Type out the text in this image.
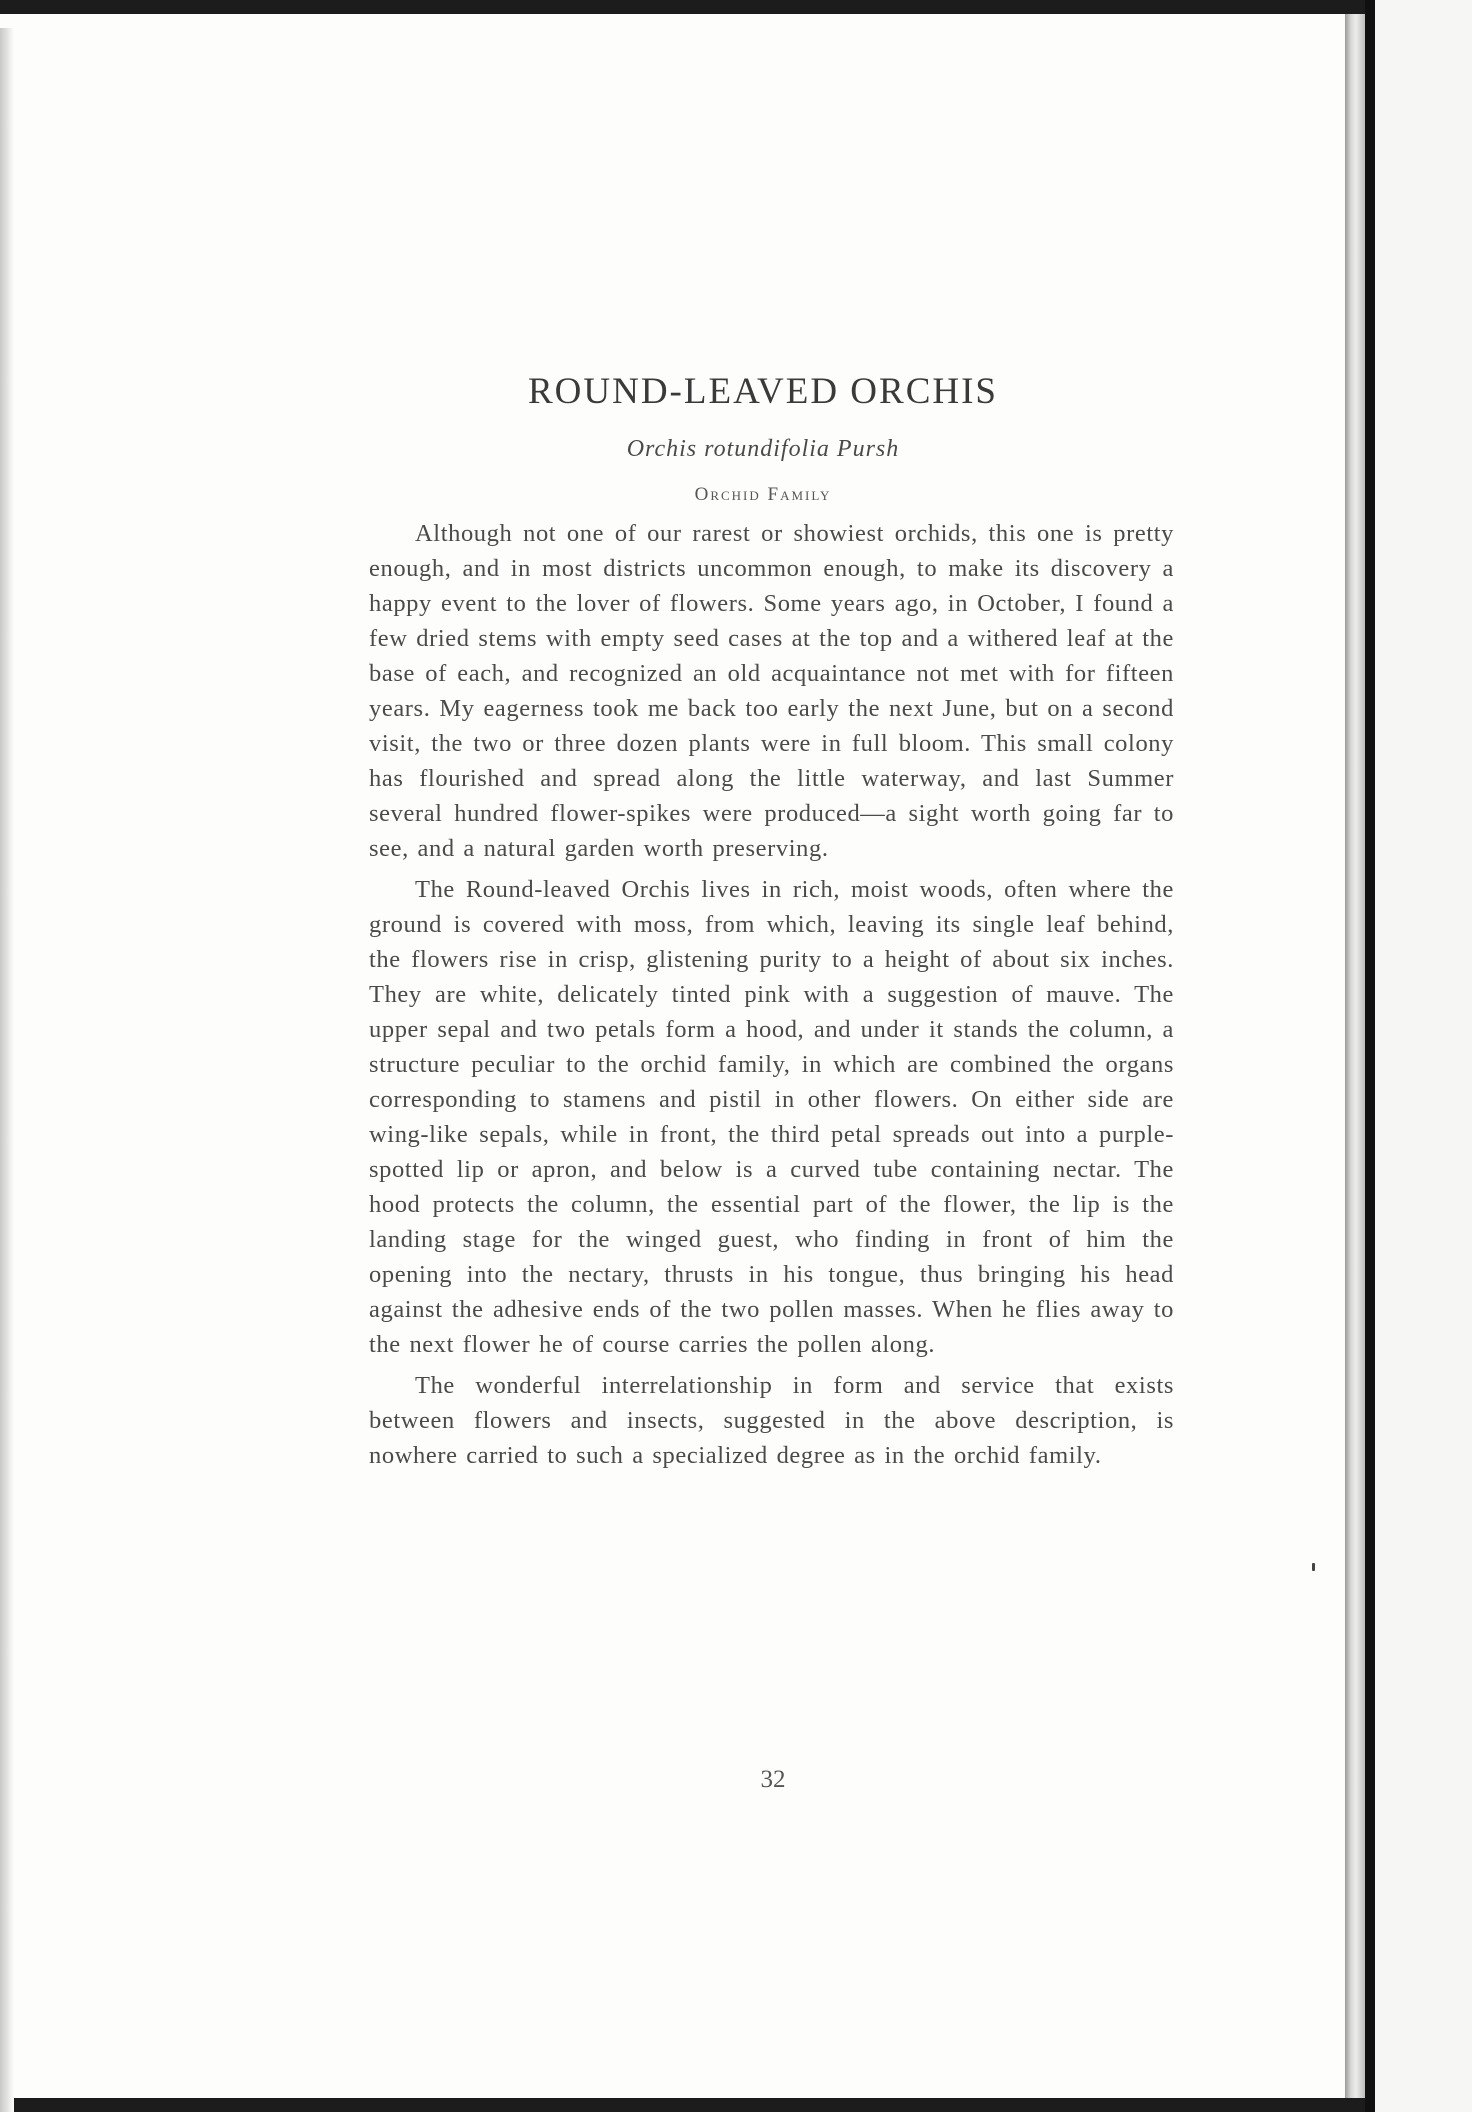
ROUND-LEAVED ORCHIS
Orchis rotundifolia Pursh
Orchid Family

Although not one of our rarest or showiest orchids, this one is pretty enough, and in most districts uncommon enough, to make its discovery a happy event to the lover of flowers. Some years ago, in October, I found a few dried stems with empty seed cases at the top and a withered leaf at the base of each, and recognized an old acquaintance not met with for fifteen years. My eagerness took me back too early the next June, but on a second visit, the two or three dozen plants were in full bloom. This small colony has flourished and spread along the little waterway, and last Summer several hundred flower-spikes were produced—a sight worth going far to see, and a natural garden worth preserving.

The Round-leaved Orchis lives in rich, moist woods, often where the ground is covered with moss, from which, leaving its single leaf behind, the flowers rise in crisp, glistening purity to a height of about six inches. They are white, delicately tinted pink with a suggestion of mauve. The upper sepal and two petals form a hood, and under it stands the column, a structure peculiar to the orchid family, in which are combined the organs corresponding to stamens and pistil in other flowers. On either side are wing-like sepals, while in front, the third petal spreads out into a purple-spotted lip or apron, and below is a curved tube containing nectar. The hood protects the column, the essential part of the flower, the lip is the landing stage for the winged guest, who finding in front of him the opening into the nectary, thrusts in his tongue, thus bringing his head against the adhesive ends of the two pollen masses. When he flies away to the next flower he of course carries the pollen along.

The wonderful interrelationship in form and service that exists between flowers and insects, suggested in the above description, is nowhere carried to such a specialized degree as in the orchid family.

32
